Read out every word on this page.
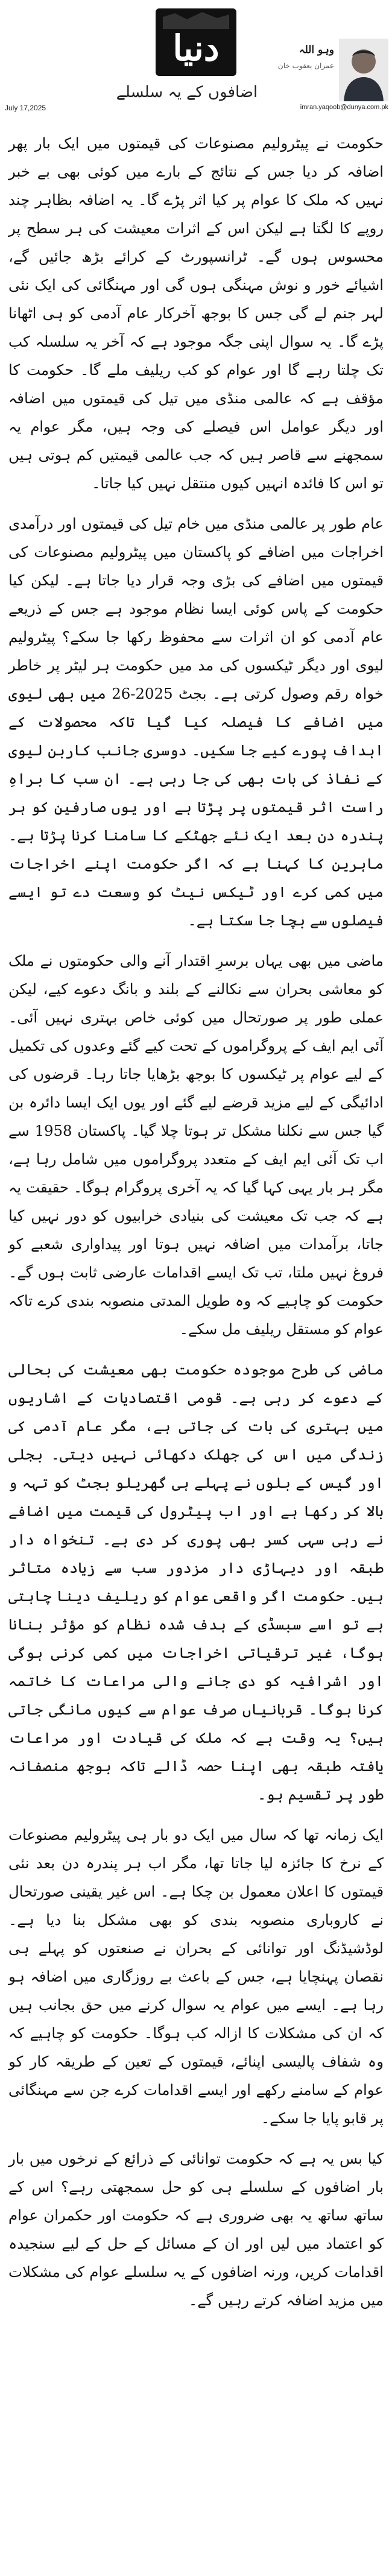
دنیا
اضافوں کے یہ سلسلے
وہو اللہ
عمران یعقوب خان
imran.yaqoob@dunya.com.pk
July 17,2025

حکومت نے پیٹرولیم مصنوعات کی قیمتوں میں ایک بار پھر اضافہ کر دیا جس کے نتائج کے بارے میں کوئی بھی بے خبر نہیں کہ ملک کا عوام پر کیا اثر پڑے گا۔ یہ اضافہ بظاہر چند روپے کا لگتا ہے لیکن اس کے اثرات معیشت کی ہر سطح پر محسوس ہوں گے۔ ٹرانسپورٹ کے کرائے بڑھ جائیں گے، اشیائے خور و نوش مہنگی ہوں گی اور مہنگائی کی ایک نئی لہر جنم لے گی جس کا بوجھ آخرکار عام آدمی کو ہی اٹھانا پڑے گا۔ یہ سوال اپنی جگہ موجود ہے کہ آخر یہ سلسلہ کب تک چلتا رہے گا اور عوام کو کب ریلیف ملے گا۔ حکومت کا مؤقف ہے کہ عالمی منڈی میں تیل کی قیمتوں میں اضافہ اور دیگر عوامل اس فیصلے کی وجہ ہیں، مگر عوام یہ سمجھنے سے قاصر ہیں کہ جب عالمی قیمتیں کم ہوتی ہیں تو اس کا فائدہ انہیں کیوں منتقل نہیں کیا جاتا۔

عام طور پر عالمی منڈی میں خام تیل کی قیمتوں اور درآمدی اخراجات میں اضافے کو پاکستان میں پیٹرولیم مصنوعات کی قیمتوں میں اضافے کی بڑی وجہ قرار دیا جاتا ہے۔ لیکن کیا حکومت کے پاس کوئی ایسا نظام موجود ہے جس کے ذریعے عام آدمی کو ان اثرات سے محفوظ رکھا جا سکے؟ پیٹرولیم لیوی اور دیگر ٹیکسوں کی مد میں حکومت ہر لیٹر پر خاطر خواہ رقم وصول کرتی ہے۔ بجٹ 2025-26 میں بھی لیوی میں اضافے کا فیصلہ کیا گیا تاکہ محصولات کے اہداف پورے کیے جا سکیں۔ دوسری جانب کاربن لیوی کے نفاذ کی بات بھی کی جا رہی ہے۔ ان سب کا براہِ راست اثر قیمتوں پر پڑتا ہے اور یوں صارفین کو ہر پندرہ دن بعد ایک نئے جھٹکے کا سامنا کرنا پڑتا ہے۔ ماہرین کا کہنا ہے کہ اگر حکومت اپنے اخراجات میں کمی کرے اور ٹیکس نیٹ کو وسعت دے تو ایسے فیصلوں سے بچا جا سکتا ہے۔

ماضی میں بھی یہاں برسرِ اقتدار آنے والی حکومتوں نے ملک کو معاشی بحران سے نکالنے کے بلند و بانگ دعوے کیے، لیکن عملی طور پر صورتحال میں کوئی خاص بہتری نہیں آئی۔ آئی ایم ایف کے پروگراموں کے تحت کیے گئے وعدوں کی تکمیل کے لیے عوام پر ٹیکسوں کا بوجھ بڑھایا جاتا رہا۔ قرضوں کی ادائیگی کے لیے مزید قرضے لیے گئے اور یوں ایک ایسا دائرہ بن گیا جس سے نکلنا مشکل تر ہوتا چلا گیا۔ پاکستان 1958 سے اب تک آئی ایم ایف کے متعدد پروگراموں میں شامل رہا ہے، مگر ہر بار یہی کہا گیا کہ یہ آخری پروگرام ہوگا۔ حقیقت یہ ہے کہ جب تک معیشت کی بنیادی خرابیوں کو دور نہیں کیا جاتا، برآمدات میں اضافہ نہیں ہوتا اور پیداواری شعبے کو فروغ نہیں ملتا، تب تک ایسے اقدامات عارضی ثابت ہوں گے۔ حکومت کو چاہیے کہ وہ طویل المدتی منصوبہ بندی کرے تاکہ عوام کو مستقل ریلیف مل سکے۔

ماضی کی طرح موجودہ حکومت بھی معیشت کی بحالی کے دعوے کر رہی ہے۔ قومی اقتصادیات کے اشاریوں میں بہتری کی بات کی جاتی ہے، مگر عام آدمی کی زندگی میں اس کی جھلک دکھائی نہیں دیتی۔ بجلی اور گیس کے بلوں نے پہلے ہی گھریلو بجٹ کو تہہ و بالا کر رکھا ہے اور اب پیٹرول کی قیمت میں اضافے نے رہی سہی کسر بھی پوری کر دی ہے۔ تنخواہ دار طبقہ اور دیہاڑی دار مزدور سب سے زیادہ متاثر ہیں۔ حکومت اگر واقعی عوام کو ریلیف دینا چاہتی ہے تو اسے سبسڈی کے ہدف شدہ نظام کو مؤثر بنانا ہوگا، غیر ترقیاتی اخراجات میں کمی کرنی ہوگی اور اشرافیہ کو دی جانے والی مراعات کا خاتمہ کرنا ہوگا۔ قربانیاں صرف عوام سے کیوں مانگی جاتی ہیں؟ یہ وقت ہے کہ ملک کی قیادت اور مراعات یافتہ طبقہ بھی اپنا حصہ ڈالے تاکہ بوجھ منصفانہ طور پر تقسیم ہو۔

ایک زمانہ تھا کہ سال میں ایک دو بار ہی پیٹرولیم مصنوعات کے نرخ کا جائزہ لیا جاتا تھا، مگر اب ہر پندرہ دن بعد نئی قیمتوں کا اعلان معمول بن چکا ہے۔ اس غیر یقینی صورتحال نے کاروباری منصوبہ بندی کو بھی مشکل بنا دیا ہے۔ لوڈشیڈنگ اور توانائی کے بحران نے صنعتوں کو پہلے ہی نقصان پہنچایا ہے، جس کے باعث بے روزگاری میں اضافہ ہو رہا ہے۔ ایسے میں عوام یہ سوال کرنے میں حق بجانب ہیں کہ ان کی مشکلات کا ازالہ کب ہوگا۔ حکومت کو چاہیے کہ وہ شفاف پالیسی اپنائے، قیمتوں کے تعین کے طریقہ کار کو عوام کے سامنے رکھے اور ایسے اقدامات کرے جن سے مہنگائی پر قابو پایا جا سکے۔

کیا بس یہ ہے کہ حکومت توانائی کے ذرائع کے نرخوں میں بار بار اضافوں کے سلسلے ہی کو حل سمجھتی رہے؟ اس کے ساتھ ساتھ یہ بھی ضروری ہے کہ حکومت اور حکمران عوام کو اعتماد میں لیں اور ان کے مسائل کے حل کے لیے سنجیدہ اقدامات کریں، ورنہ اضافوں کے یہ سلسلے عوام کی مشکلات میں مزید اضافہ کرتے رہیں گے۔
